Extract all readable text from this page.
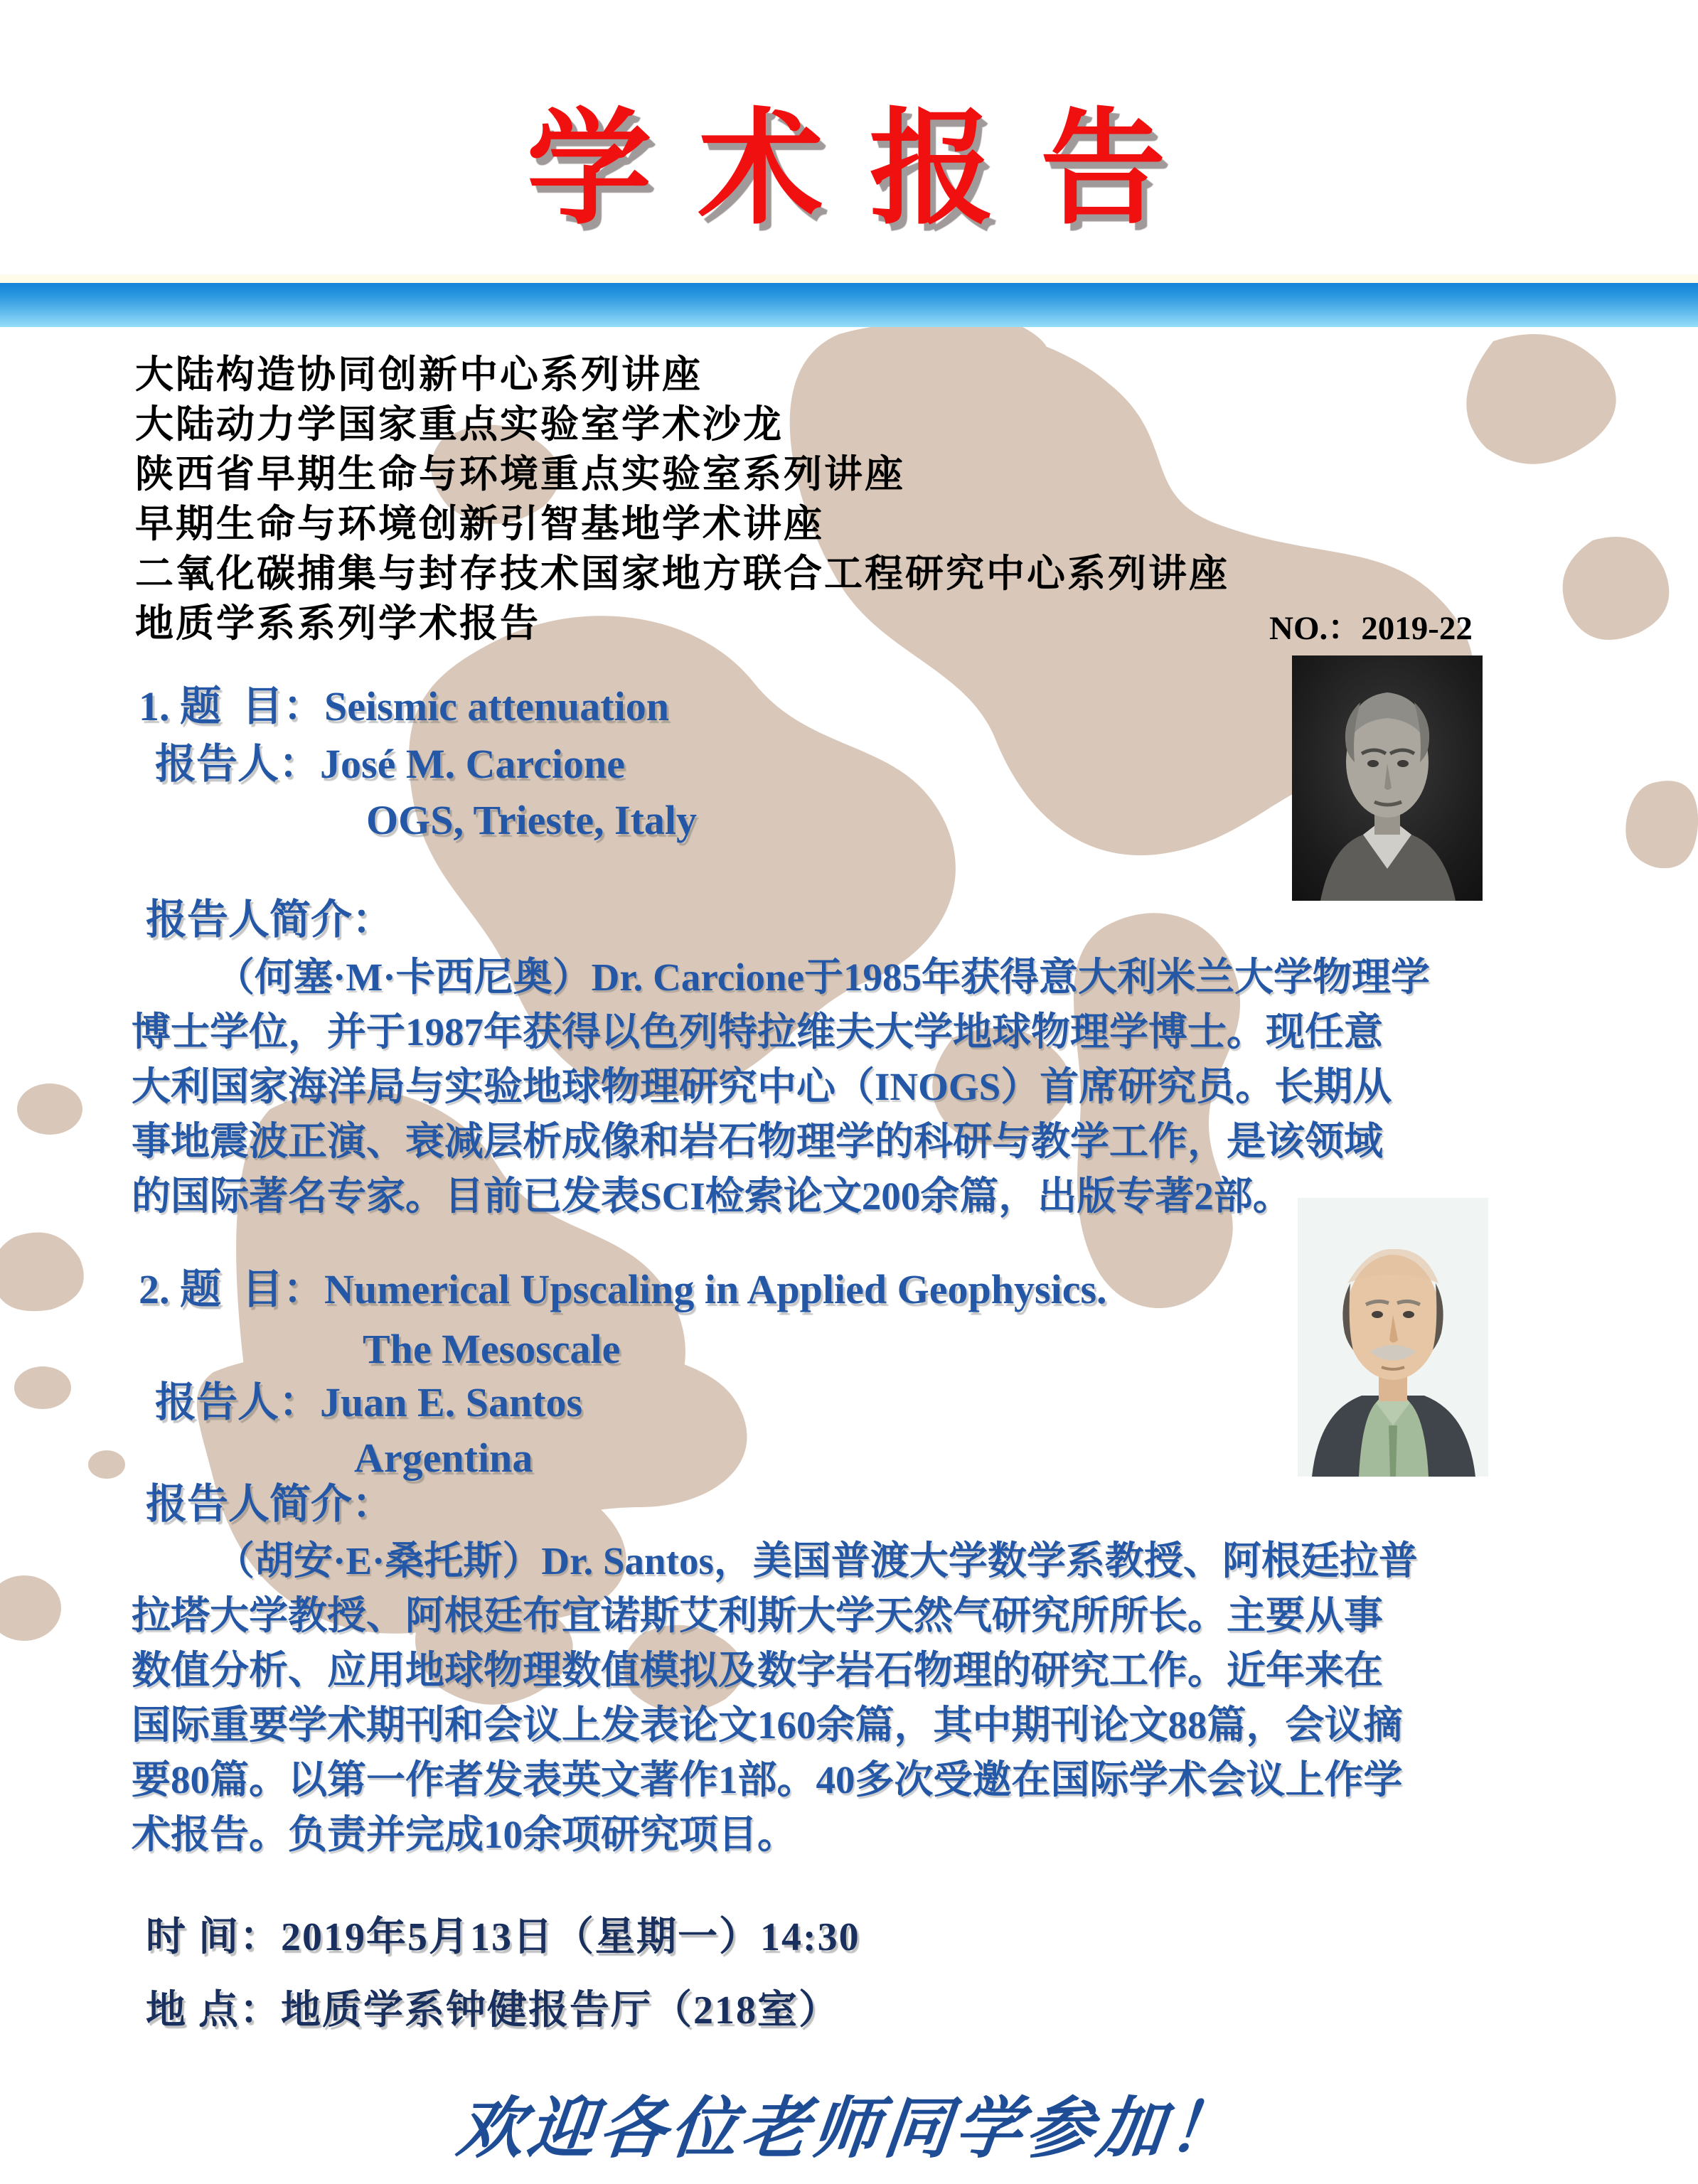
学 术 报 告
大陆构造协同创新中心系列讲座
大陆动力学国家重点实验室学术沙龙
陕西省早期生命与环境重点实验室系列讲座
早期生命与环境创新引智基地学术讲座
二氧化碳捕集与封存技术国家地方联合工程研究中心系列讲座
地质学系系列学术报告	NO.：2019-22
1. 题  目：Seismic attenuation
报告人：José M. Carcione
OGS, Trieste, Italy
报告人简介：
（何塞·M·卡西尼奥）Dr. Carcione于1985年获得意大利米兰大学物理学
博士学位，并于1987年获得以色列特拉维夫大学地球物理学博士。现任意
大利国家海洋局与实验地球物理研究中心（INOGS）首席研究员。长期从
事地震波正演、衰减层析成像和岩石物理学的科研与教学工作，是该领域
的国际著名专家。目前已发表SCI检索论文200余篇，出版专著2部。
2. 题  目：Numerical Upscaling in Applied Geophysics.
The Mesoscale
报告人：Juan E. Santos
Argentina
报告人简介：
（胡安·E·桑托斯）Dr. Santos，美国普渡大学数学系教授、阿根廷拉普
拉塔大学教授、阿根廷布宜诺斯艾利斯大学天然气研究所所长。主要从事
数值分析、应用地球物理数值模拟及数字岩石物理的研究工作。近年来在
国际重要学术期刊和会议上发表论文160余篇，其中期刊论文88篇，会议摘
要80篇。以第一作者发表英文著作1部。40多次受邀在国际学术会议上作学
术报告。负责并完成10余项研究项目。
时 间：2019年5月13日（星期一）14:30
地 点：地质学系钟健报告厅（218室）
欢迎各位老师同学参加！
